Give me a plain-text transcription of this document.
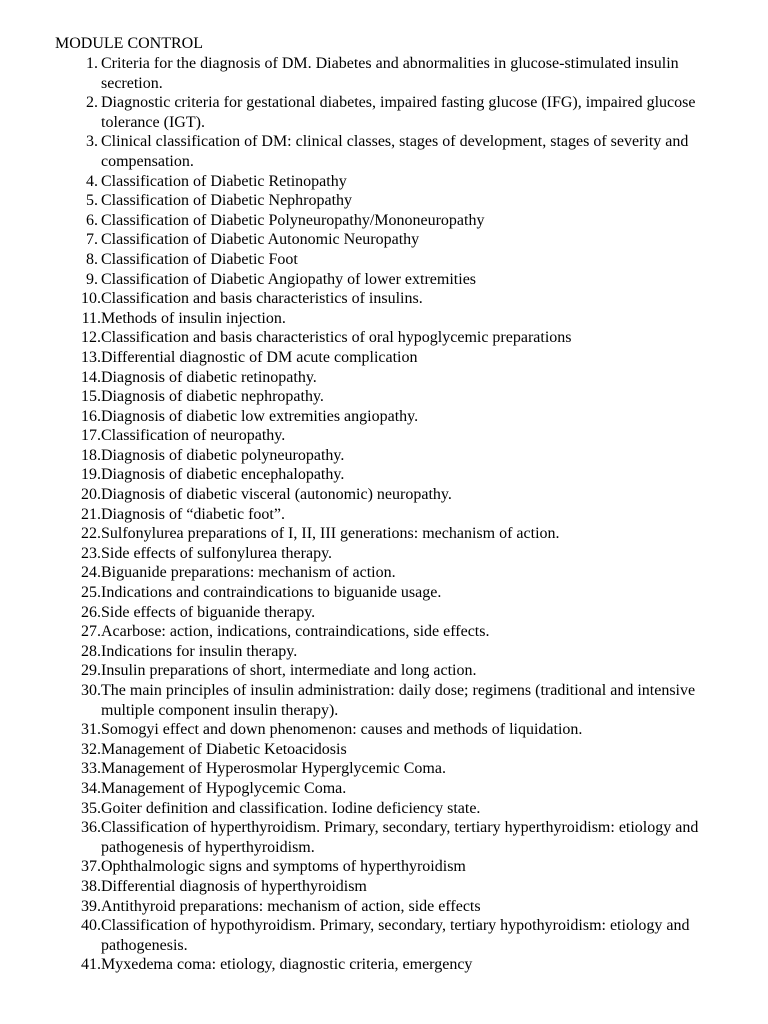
MODULE CONTROL
1. Criteria for the diagnosis of DM. Diabetes and abnormalities in glucose-stimulated insulin secretion.
2. Diagnostic criteria for gestational diabetes, impaired fasting glucose (IFG), impaired glucose tolerance (IGT).
3. Clinical classification of DM: clinical classes, stages of development, stages of severity and compensation.
4. Classification of Diabetic Retinopathy
5. Classification of Diabetic Nephropathy
6. Classification of Diabetic Polyneuropathy/Mononeuropathy
7. Classification of Diabetic Autonomic Neuropathy
8. Classification of Diabetic Foot
9. Classification of Diabetic Angiopathy of lower extremities
10. Classification and basis characteristics of insulins.
11. Methods of insulin injection.
12. Classification and basis characteristics of oral hypoglycemic preparations
13. Differential diagnostic of DM acute complication
14. Diagnosis of diabetic retinopathy.
15. Diagnosis of diabetic nephropathy.
16. Diagnosis of diabetic low extremities angiopathy.
17. Classification of neuropathy.
18. Diagnosis of diabetic polyneuropathy.
19. Diagnosis of diabetic encephalopathy.
20. Diagnosis of diabetic visceral (autonomic) neuropathy.
21. Diagnosis of “diabetic foot”.
22. Sulfonylurea preparations of I, II, III generations: mechanism of action.
23. Side effects of sulfonylurea therapy.
24. Biguanide preparations: mechanism of action.
25. Indications and contraindications to biguanide usage.
26. Side effects of biguanide therapy.
27. Acarbose: action, indications, contraindications, side effects.
28. Indications for insulin therapy.
29. Insulin preparations of short, intermediate and long action.
30. The main principles of insulin administration: daily dose; regimens (traditional and intensive multiple component insulin therapy).
31. Somogyi effect and down phenomenon: causes and methods of liquidation.
32. Management of Diabetic Ketoacidosis
33. Management of Hyperosmolar Hyperglycemic Coma.
34. Management of Hypoglycemic Coma.
35. Goiter definition and classification. Iodine deficiency state.
36. Classification of hyperthyroidism. Primary, secondary, tertiary hyperthyroidism: etiology and pathogenesis of hyperthyroidism.
37. Ophthalmologic signs and symptoms of hyperthyroidism
38. Differential diagnosis of hyperthyroidism
39. Antithyroid preparations: mechanism of action, side effects
40. Classification of hypothyroidism. Primary, secondary, tertiary hypothyroidism: etiology and pathogenesis.
41. Myxedema coma: etiology, diagnostic criteria, emergency
